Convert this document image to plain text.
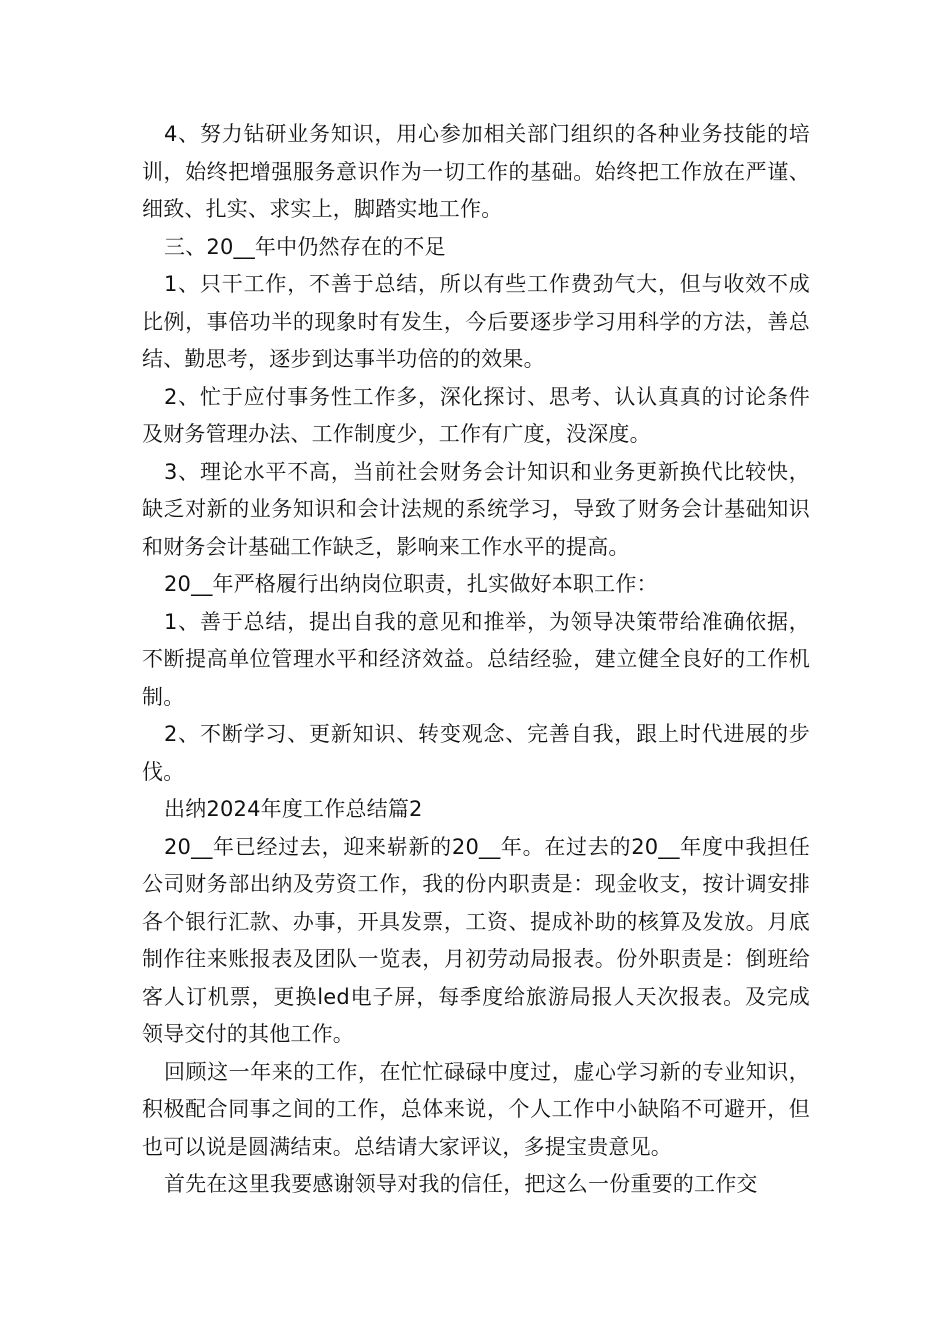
4、努力钻研业务知识，用心参加相关部门组织的各种业务技能的培训，始终把增强服务意识作为一切工作的基础。始终把工作放在严谨、细致、扎实、求实上，脚踏实地工作。

三、20__年中仍然存在的不足

1、只干工作，不善于总结，所以有些工作费劲气大，但与收效不成比例，事倍功半的现象时有发生，今后要逐步学习用科学的方法，善总结、勤思考，逐步到达事半功倍的的效果。

2、忙于应付事务性工作多，深化探讨、思考、认认真真的讨论条件及财务管理办法、工作制度少，工作有广度，没深度。

3、理论水平不高，当前社会财务会计知识和业务更新换代比较快，缺乏对新的业务知识和会计法规的系统学习，导致了财务会计基础知识和财务会计基础工作缺乏，影响来工作水平的提高。

20__年严格履行出纳岗位职责，扎实做好本职工作：

1、善于总结，提出自我的意见和推举，为领导决策带给准确依据，不断提高单位管理水平和经济效益。总结经验，建立健全良好的工作机制。

2、不断学习、更新知识、转变观念、完善自我，跟上时代进展的步伐。

出纳2024年度工作总结篇2

20__年已经过去，迎来崭新的20__年。在过去的20__年度中我担任公司财务部出纳及劳资工作，我的份内职责是：现金收支，按计调安排各个银行汇款、办事，开具发票，工资、提成补助的核算及发放。月底制作往来账报表及团队一览表，月初劳动局报表。份外职责是：倒班给客人订机票，更换led电子屏，每季度给旅游局报人天次报表。及完成领导交付的其他工作。

回顾这一年来的工作，在忙忙碌碌中度过，虚心学习新的专业知识，积极配合同事之间的工作，总体来说，个人工作中小缺陷不可避开，但也可以说是圆满结束。总结请大家评议，多提宝贵意见。

首先在这里我要感谢领导对我的信任，把这么一份重要的工作交
